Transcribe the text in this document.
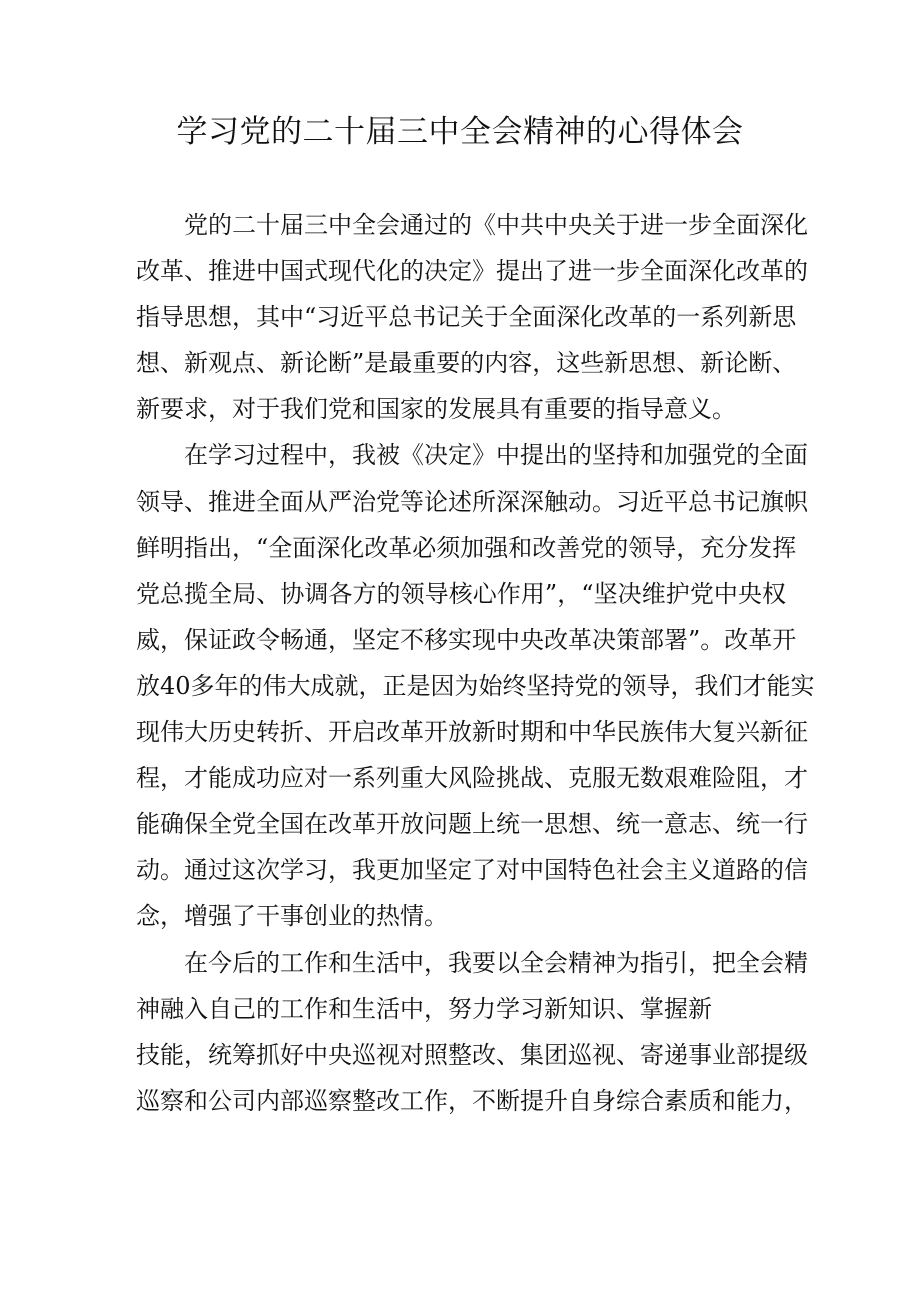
学习党的二十届三中全会精神的心得体会
党的二十届三中全会通过的《中共中央关于进一步全面深化
改革、推进中国式现代化的决定》提出了进一步全面深化改革的
指导思想，其中“习近平总书记关于全面深化改革的一系列新思
想、新观点、新论断”是最重要的内容，这些新思想、新论断、
新要求，对于我们党和国家的发展具有重要的指导意义。
在学习过程中，我被《决定》中提出的坚持和加强党的全面
领导、推进全面从严治党等论述所深深触动。习近平总书记旗帜
鲜明指出，“全面深化改革必须加强和改善党的领导，充分发挥
党总揽全局、协调各方的领导核心作用”，“坚决维护党中央权
威，保证政令畅通，坚定不移实现中央改革决策部署”。改革开
放40多年的伟大成就，正是因为始终坚持党的领导，我们才能实
现伟大历史转折、开启改革开放新时期和中华民族伟大复兴新征
程，才能成功应对一系列重大风险挑战、克服无数艰难险阻，才
能确保全党全国在改革开放问题上统一思想、统一意志、统一行
动。通过这次学习，我更加坚定了对中国特色社会主义道路的信
念，增强了干事创业的热情。
在今后的工作和生活中，我要以全会精神为指引，把全会精
神融入自己的工作和生活中，努力学习新知识、掌握新
技能，统筹抓好中央巡视对照整改、集团巡视、寄递事业部提级
巡察和公司内部巡察整改工作，不断提升自身综合素质和能力，
